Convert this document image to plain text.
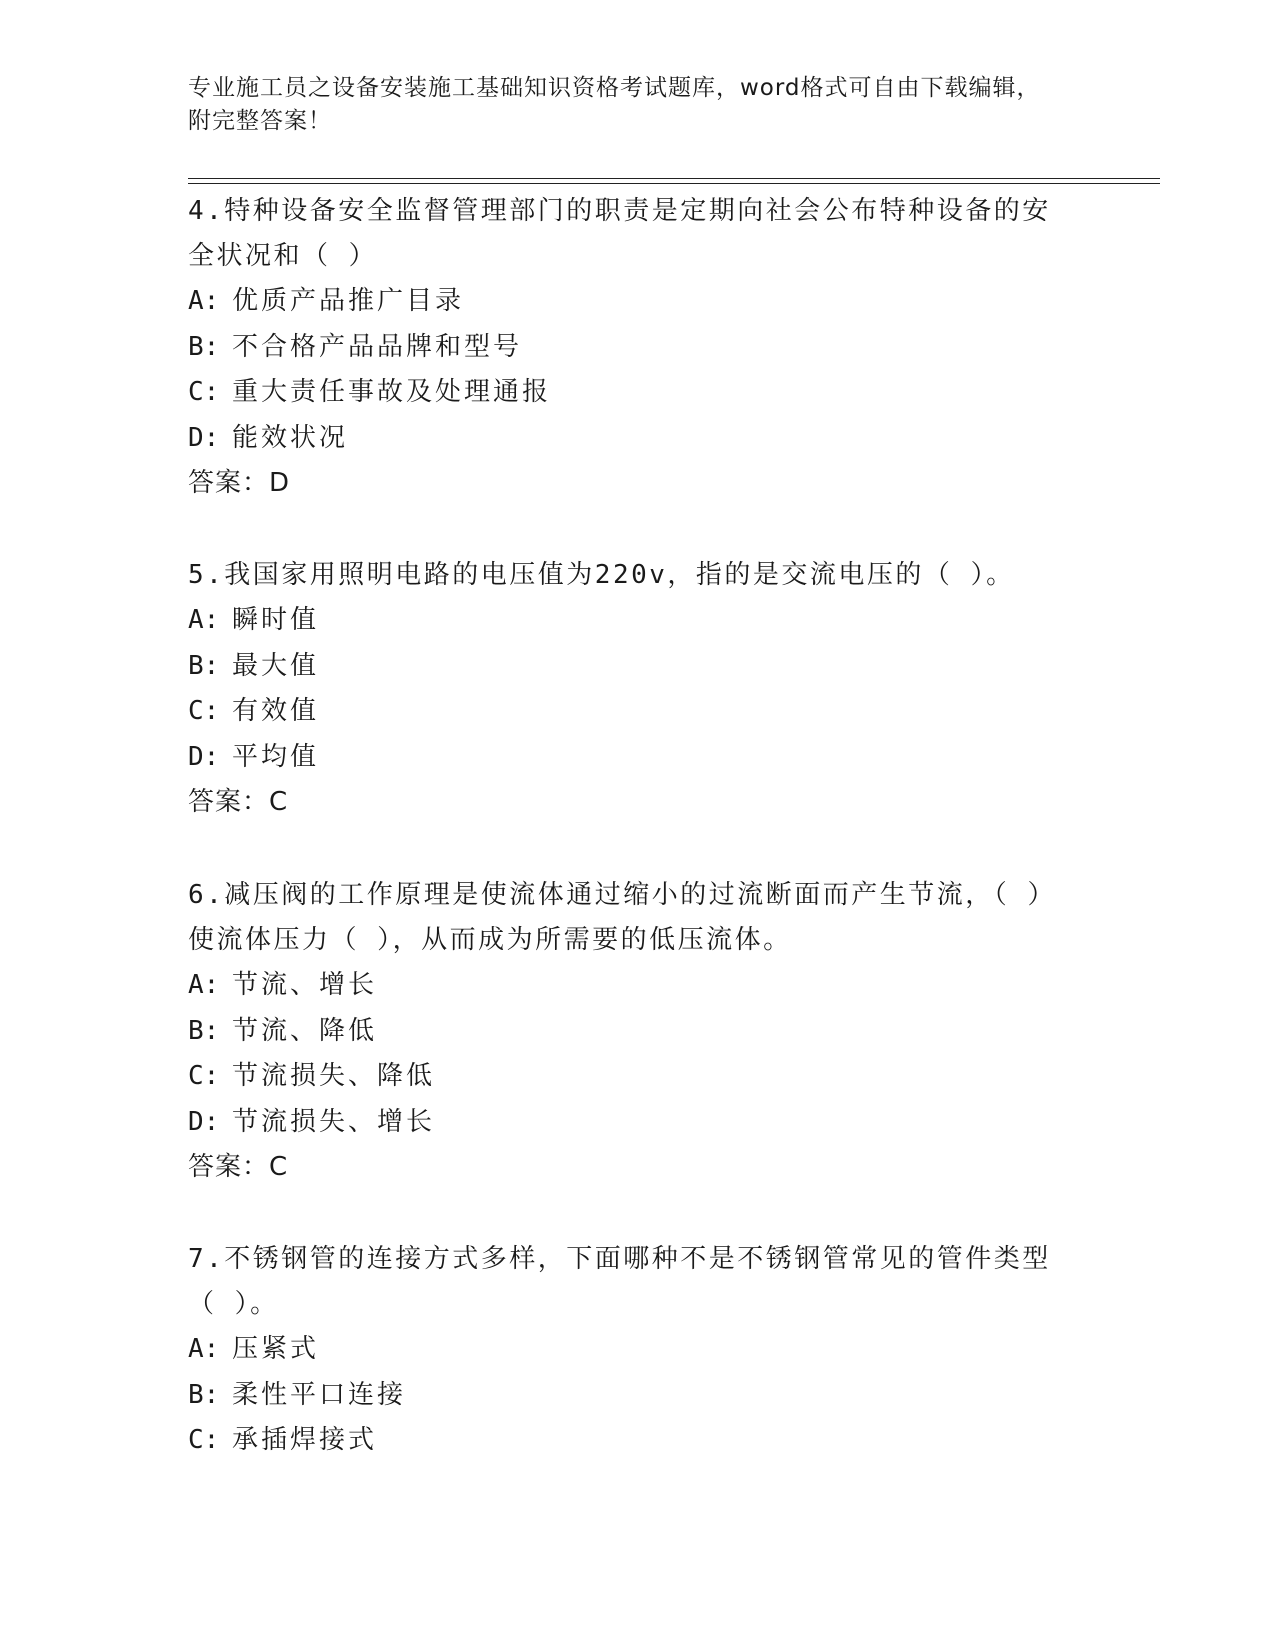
专业施工员之设备安装施工基础知识资格考试题库，word格式可自由下载编辑，
附完整答案！

4.特种设备安全监督管理部门的职责是定期向社会公布特种设备的安

全状况和（ ）

A: 优质产品推广目录

B: 不合格产品品牌和型号

C: 重大责任事故及处理通报

D: 能效状况

答案：D

5.我国家用照明电路的电压值为220v，指的是交流电压的（ ）。

A: 瞬时值

B: 最大值

C: 有效值

D: 平均值

答案：C

6.减压阀的工作原理是使流体通过缩小的过流断面而产生节流，（ ）

使流体压力（ ），从而成为所需要的低压流体。

A: 节流、增长

B: 节流、降低

C: 节流损失、降低

D: 节流损失、增长

答案：C

7.不锈钢管的连接方式多样，下面哪种不是不锈钢管常见的管件类型

（ ）。

A: 压紧式

B: 柔性平口连接

C: 承插焊接式
